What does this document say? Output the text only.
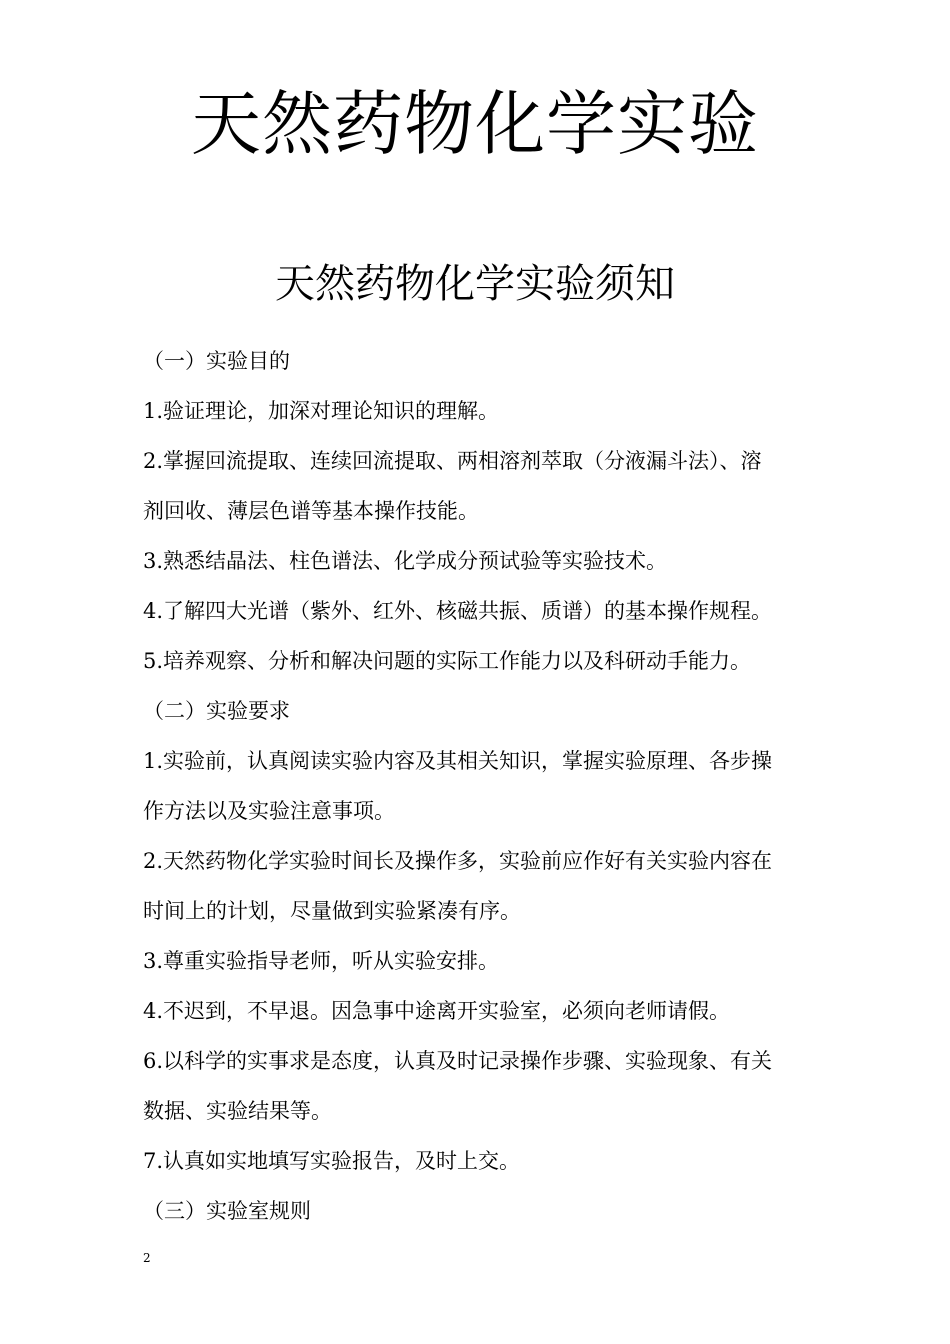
天然药物化学实验
天然药物化学实验须知
（一）实验目的
1.验证理论，加深对理论知识的理解。
2.掌握回流提取、连续回流提取、两相溶剂萃取（分液漏斗法）、溶
剂回收、薄层色谱等基本操作技能。
3.熟悉结晶法、柱色谱法、化学成分预试验等实验技术。
4.了解四大光谱（紫外、红外、核磁共振、质谱）的基本操作规程。
5.培养观察、分析和解决问题的实际工作能力以及科研动手能力。
（二）实验要求
1.实验前，认真阅读实验内容及其相关知识，掌握实验原理、各步操
作方法以及实验注意事项。
2.天然药物化学实验时间长及操作多，实验前应作好有关实验内容在
时间上的计划，尽量做到实验紧凑有序。
3.尊重实验指导老师，听从实验安排。
4.不迟到，不早退。因急事中途离开实验室，必须向老师请假。
6.以科学的实事求是态度，认真及时记录操作步骤、实验现象、有关
数据、实验结果等。
7.认真如实地填写实验报告，及时上交。
（三）实验室规则
2
